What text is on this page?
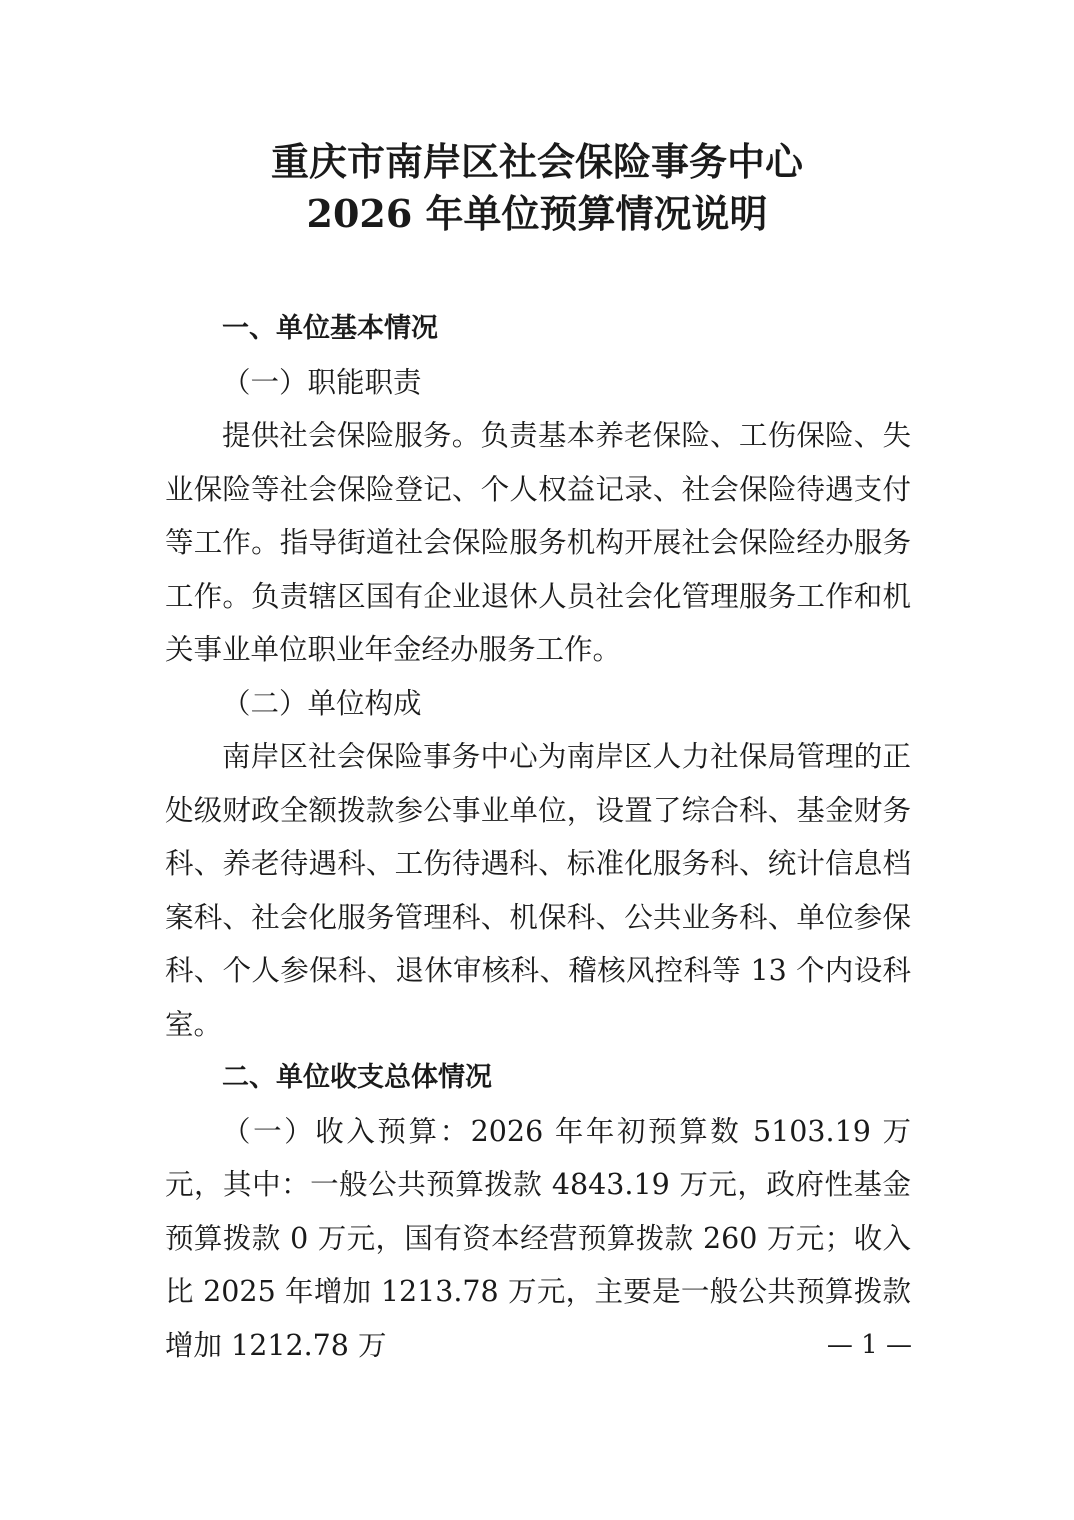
重庆市南岸区社会保险事务中心
2026 年单位预算情况说明

一、单位基本情况

（一）职能职责

提供社会保险服务。负责基本养老保险、工伤保险、失业保险等社会保险登记、个人权益记录、社会保险待遇支付等工作。指导街道社会保险服务机构开展社会保险经办服务工作。负责辖区国有企业退休人员社会化管理服务工作和机关事业单位职业年金经办服务工作。

（二）单位构成

南岸区社会保险事务中心为南岸区人力社保局管理的正处级财政全额拨款参公事业单位，设置了综合科、基金财务科、养老待遇科、工伤待遇科、标准化服务科、统计信息档案科、社会化服务管理科、机保科、公共业务科、单位参保科、个人参保科、退休审核科、稽核风控科等 13 个内设科室。

二、单位收支总体情况

（一）收入预算：2026 年年初预算数 5103.19 万元，其中：一般公共预算拨款 4843.19 万元，政府性基金预算拨款 0 万元，国有资本经营预算拨款 260 万元；收入比 2025 年增加 1213.78 万元，主要是一般公共预算拨款增加 1212.78 万	— 1 —
